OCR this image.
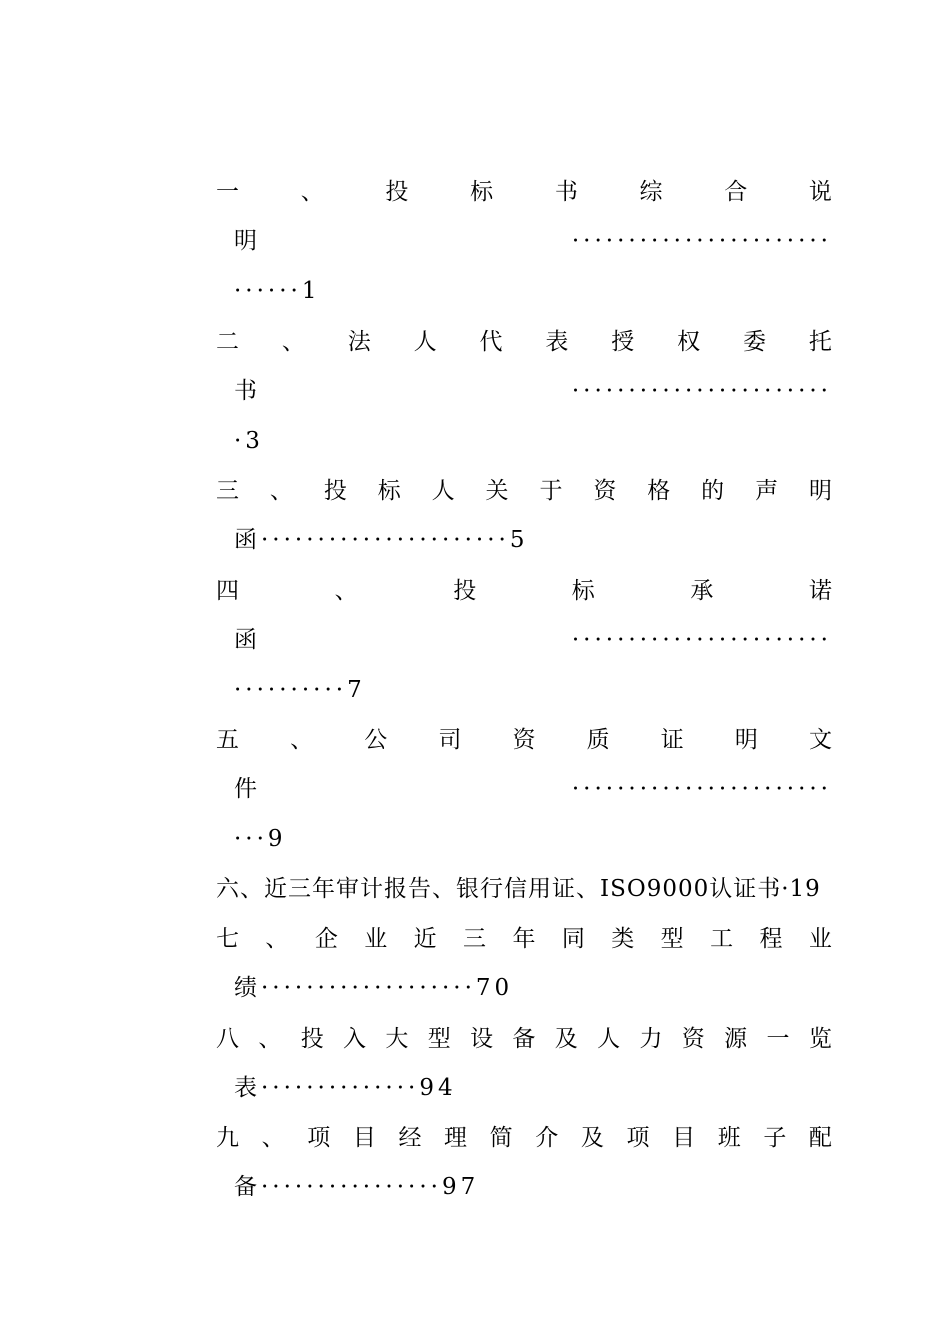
一	、	投	标	书	综	合	说
明	·······················
······1
二 、 法 人 代 表 授 权 委 托
书	·······················
·3
三 、 投 标 人 关 于 资 格 的 声 明
函······················5
四	、	投	标	承	诺
函	·······················
··········7
五 、 公 司 资 质 证 明 文
件	·······················
···9
六、近三年审计报告、银行信用证、ISO9000认证书·19
七 、 企 业 近 三 年 同 类 型 工 程 业
绩···················70
八 、 投 入 大 型 设 备 及 人 力 资 源 一 览
表··············94
九 、 项 目 经 理 简 介 及 项 目 班 子 配
备················97
